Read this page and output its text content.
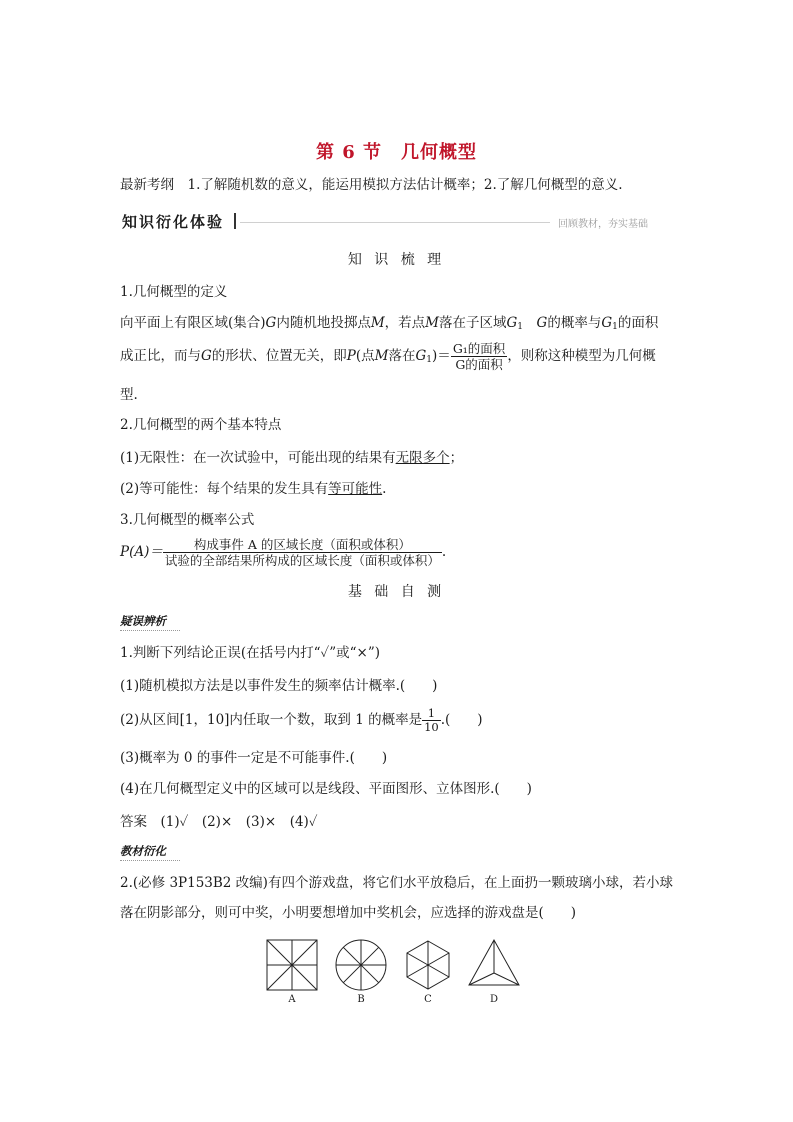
第 6 节　几何概型
最新考纲　 1.了解随机数的意义，能运用模拟方法估计概率；2.了解几何概型的意义.
知识衍化体验	回顾教材，夯实基础
知 识 梳 理
1.几何概型的定义
向平面上有限区域(集合)G内随机地投掷点M，若点M落在子区域$G_1$　 G的概率与$G_1$的面积
成正比，而与G的形状、位置无关，即P(点M落在$G_1)= \frac{\text{G₁的面积}}{\text{G的面积}}$ ，则称这种模型为几何概
型.
2.几何概型的两个基本特点
(1)无限性：在一次试验中，可能出现的结果有无限多个；
(2)等可能性：每个结果的发生具有等可能性.
3.几何概型的概率公式
$P(A)= \frac{\text{构成事件 A 的区域长度（面积或体积）}}{\text{试验的全部结果所构成的区域长度（面积或体积）}}$ .
基 础 自 测
疑误辨析
1.判断下列结论正误(在括号内打“✓”或“×”)
(1)随机模拟方法是以事件发生的频率估计概率.(　　)
(2)从区间[1，10]内任取一个数，取到 1 的概率是 $\frac{1}{10}$ .(　　)
(3)概率为 0 的事件一定是不可能事件.(　　)
(4)在几何概型定义中的区域可以是线段、平面图形、立体图形.(　　)
答案　(1)✓　(2)×　(3)×　(4)✓
教材衍化
2.(必修 3P153B2 改编)有四个游戏盘，将它们水平放稳后，在上面扔一颗玻璃小球，若小球
落在阴影部分，则可中奖，小明要想增加中奖机会，应选择的游戏盘是(　　)
A	B	C	D
